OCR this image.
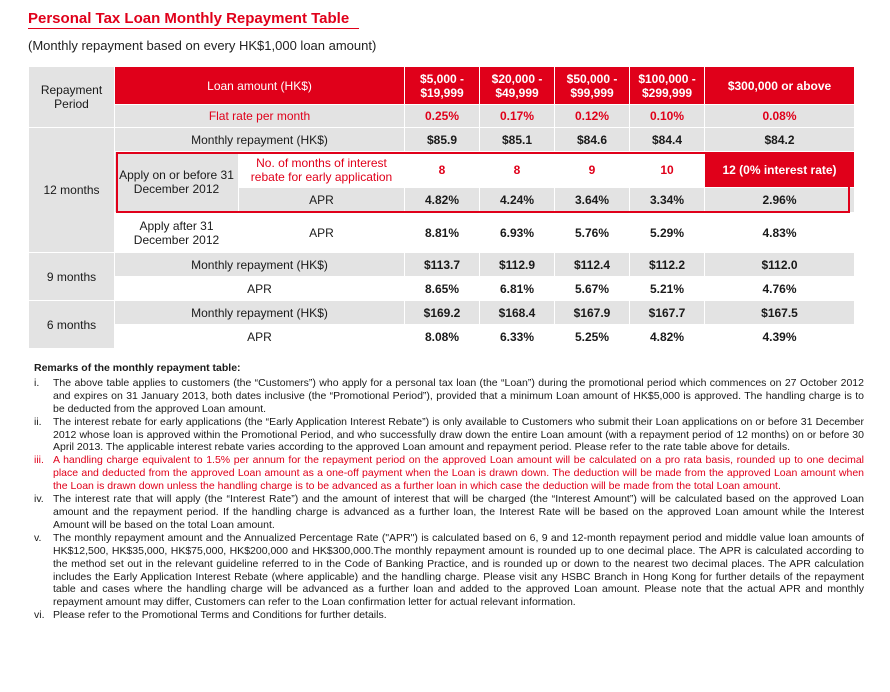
Personal Tax Loan Monthly Repayment Table
(Monthly repayment based on every HK$1,000 loan amount)
Repayment Period	Loan amount (HK$)		$5,000 - $19,999	$20,000 - $49,999	$50,000 - $99,999	$100,000 - $299,999	$300,000 or above
	Flat rate per month		0.25%	0.17%	0.12%	0.10%	0.08%
12 months	Monthly repayment (HK$)		$85.9	$85.1	$84.6	$84.4	$84.2
	Apply on or before 31 December 2012	No. of months of interest rebate for early application	8	8	9	10	12 (0% interest rate)
		APR	4.82%	4.24%	3.64%	3.34%	2.96%
	Apply after 31 December 2012	APR	8.81%	6.93%	5.76%	5.29%	4.83%
9 months	Monthly repayment (HK$)		$113.7	$112.9	$112.4	$112.2	$112.0
	APR		8.65%	6.81%	5.67%	5.21%	4.76%
6 months	Monthly repayment (HK$)		$169.2	$168.4	$167.9	$167.7	$167.5
	APR		8.08%	6.33%	5.25%	4.82%	4.39%
Remarks of the monthly repayment table:
i. The above table applies to customers (the “Customers”) who apply for a personal tax loan (the “Loan”) during the promotional period which commences on 27 October 2012 and expires on 31 January 2013, both dates inclusive (the “Promotional Period”), provided that a minimum Loan amount of HK$5,000 is approved. The handling charge is to be deducted from the approved Loan amount.
ii. The interest rebate for early applications (the “Early Application Interest Rebate”) is only available to Customers who submit their Loan applications on or before 31 December 2012 whose loan is approved within the Promotional Period, and who successfully draw down the entire Loan amount (with a repayment period of 12 months) on or before 30 April 2013. The applicable interest rebate varies according to the approved Loan amount and repayment period. Please refer to the rate table above for details.
iii. A handling charge equivalent to 1.5% per annum for the repayment period on the approved Loan amount will be calculated on a pro rata basis, rounded up to one decimal place and deducted from the approved Loan amount as a one-off payment when the Loan is drawn down. The deduction will be made from the approved Loan amount when the Loan is drawn down unless the handling charge is to be advanced as a further loan in which case the deduction will be made from the total Loan amount.
iv. The interest rate that will apply (the “Interest Rate”) and the amount of interest that will be charged (the “Interest Amount”) will be calculated based on the approved Loan amount and the repayment period. If the handling charge is advanced as a further loan, the Interest Rate will be based on the approved Loan amount while the Interest Amount will be based on the total Loan amount.
v. The monthly repayment amount and the Annualized Percentage Rate ("APR") is calculated based on 6, 9 and 12-month repayment period and middle value loan amounts of HK$12,500, HK$35,000, HK$75,000, HK$200,000 and HK$300,000.The monthly repayment amount is rounded up to one decimal place. The APR is calculated according to the method set out in the relevant guideline referred to in the Code of Banking Practice, and is rounded up or down to the nearest two decimal places. The APR calculation includes the Early Application Interest Rebate (where applicable) and the handling charge. Please visit any HSBC Branch in Hong Kong for further details of the repayment table and cases where the handling charge will be advanced as a further loan and added to the approved Loan amount. Please note that the actual APR and monthly repayment amount may differ, Customers can refer to the Loan confirmation letter for actual relevant information.
vi. Please refer to the Promotional Terms and Conditions for further details.
